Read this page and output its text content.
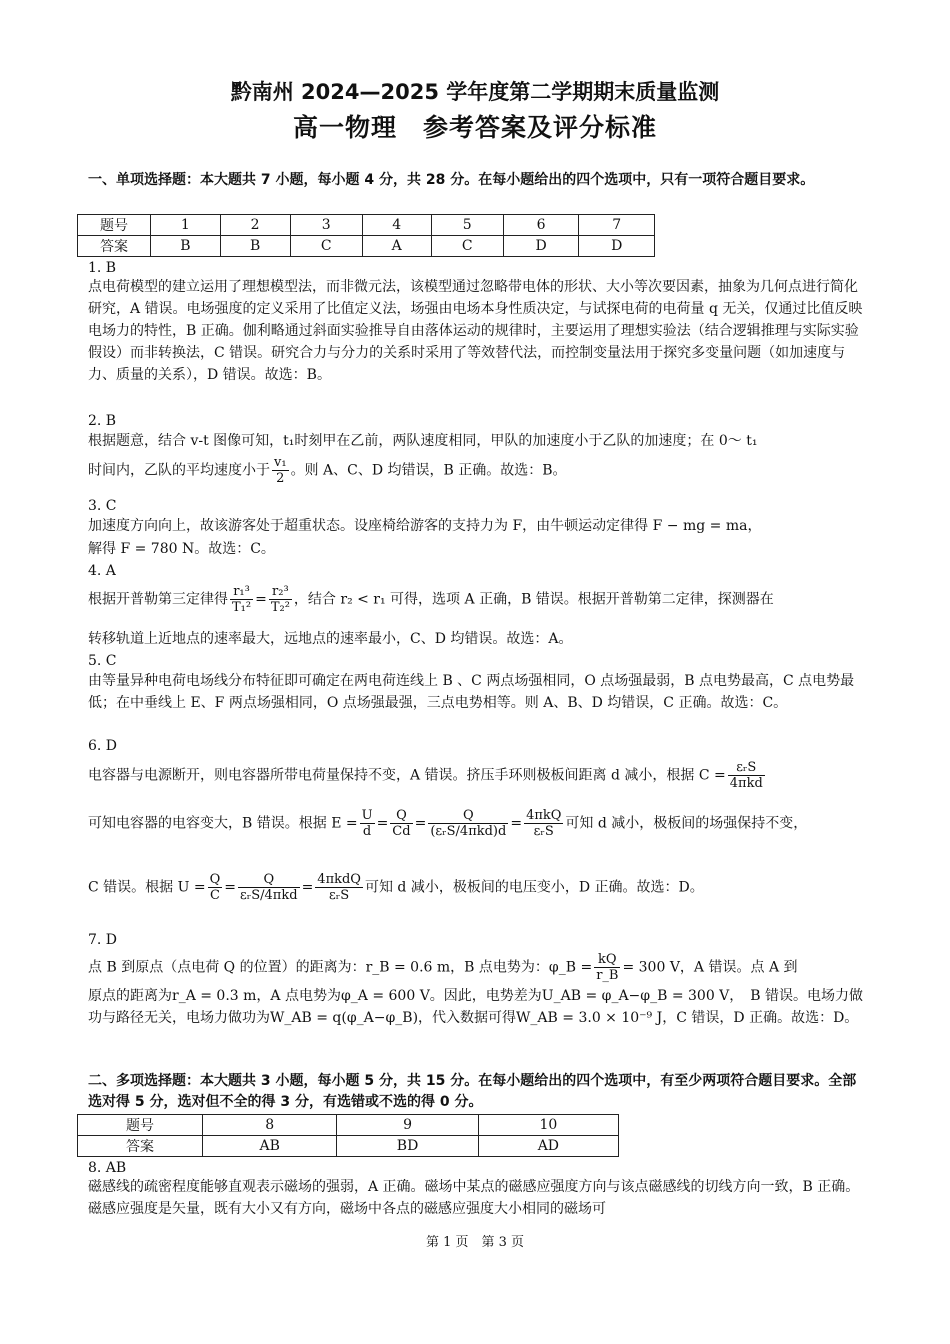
黔南州 2024—2025 学年度第二学期期末质量监测
高一物理　参考答案及评分标准
一、单项选择题：本大题共 7 小题，每小题 4 分，共 28 分。在每小题给出的四个选项中，只有一项符合题目要求。
题号	1	2	3	4	5	6	7
答案	B	B	C	A	C	D	D
1. B
点电荷模型的建立运用了理想模型法，而非微元法，该模型通过忽略带电体的形状、大小等次要因素，抽象为几何点进行简化研究，A 错误。电场强度的定义采用了比值定义法，场强由电场本身性质决定，与试探电荷的电荷量 q 无关，仅通过比值反映电场力的特性，B 正确。伽利略通过斜面实验推导自由落体运动的规律时，主要运用了理想实验法（结合逻辑推理与实际实验假设）而非转换法，C 错误。研究合力与分力的关系时采用了等效替代法，而控制变量法用于探究多变量问题（如加速度与力、质量的关系），D 错误。故选：B。
2. B
根据题意，结合 v-t 图像可知，t₁时刻甲在乙前，两队速度相同，甲队的加速度小于乙队的加速度；在 0～ t₁
时间内，乙队的平均速度小于 $\frac{\text{v₁}}{2}$ 。则 A、C、D 均错误，B 正确。故选：B。
3. C
加速度方向向上，故该游客处于超重状态。设座椅给游客的支持力为 F，由牛顿运动定律得 F − mg = ma，
解得 F = 780 N。故选：C。
4. A
根据开普勒第三定律得 $\frac{\text{r₁³}}{\text{T₁²}} = \frac{\text{r₂³}}{\text{T₂²}}$ ，结合 r₂ < r₁ 可得，选项 A 正确，B 错误。根据开普勒第二定律，探测器在
转移轨道上近地点的速率最大，远地点的速率最小，C、D 均错误。故选：A。
5. C
由等量异种电荷电场线分布特征即可确定在两电荷连线上 B 、C 两点场强相同，O 点场强最弱，B 点电势最高，C 点电势最低；在中垂线上 E、F 两点场强相同，O 点场强最强，三点电势相等。则 A、B、D 均错误，C 正确。故选：C。
6. D
电容器与电源断开，则电容器所带电荷量保持不变，A 错误。挤压手环则极板间距离 d 减小，根据 $C = \frac{\text{εᵣS}}{\text{4πkd}}$
可知电容器的电容变大，B 错误。根据 $E = \frac{U}{d} = \frac{Q}{Cd} = \frac{Q}{\text{(εᵣS/4πkd)d}} = \frac{\text{4πkQ}}{\text{εᵣS}}$ 可知 d 减小，极板间的场强保持不变，
C 错误。根据 $U = \frac{Q}{C} = \frac{Q}{\text{εᵣS/4πkd}} = \frac{\text{4πkdQ}}{\text{εᵣS}}$ 可知 d 减小，极板间的电压变小，D 正确。故选：D。
7. D
点 B 到原点（点电荷 Q 的位置）的距离为：r_B = 0.6 m，B 点电势为：φ_B = $\frac{kQ}{r\_B} = 300$ V，A 错误。点 A 到
原点的距离为r_A = 0.3 m，A 点电势为φ_A = 600 V。因此，电势差为U_AB = φ_A−φ_B = 300 V，　B 错误。电场力做功与路径无关，电场力做功为W_AB = q(φ_A−φ_B)，代入数据可得W_AB = 3.0 × 10⁻⁹ J，C 错误，D 正确。故选：D。
二、多项选择题：本大题共 3 小题，每小题 5 分，共 15 分。在每小题给出的四个选项中，有至少两项符合题目要求。全部选对得 5 分，选对但不全的得 3 分，有选错或不选的得 0 分。
题号	8	9	10
答案	AB	BD	AD
8. AB
磁感线的疏密程度能够直观表示磁场的强弱，A 正确。磁场中某点的磁感应强度方向与该点磁感线的切线方向一致，B 正确。磁感应强度是矢量，既有大小又有方向，磁场中各点的磁感应强度大小相同的磁场可
第 1 页　第 3 页
